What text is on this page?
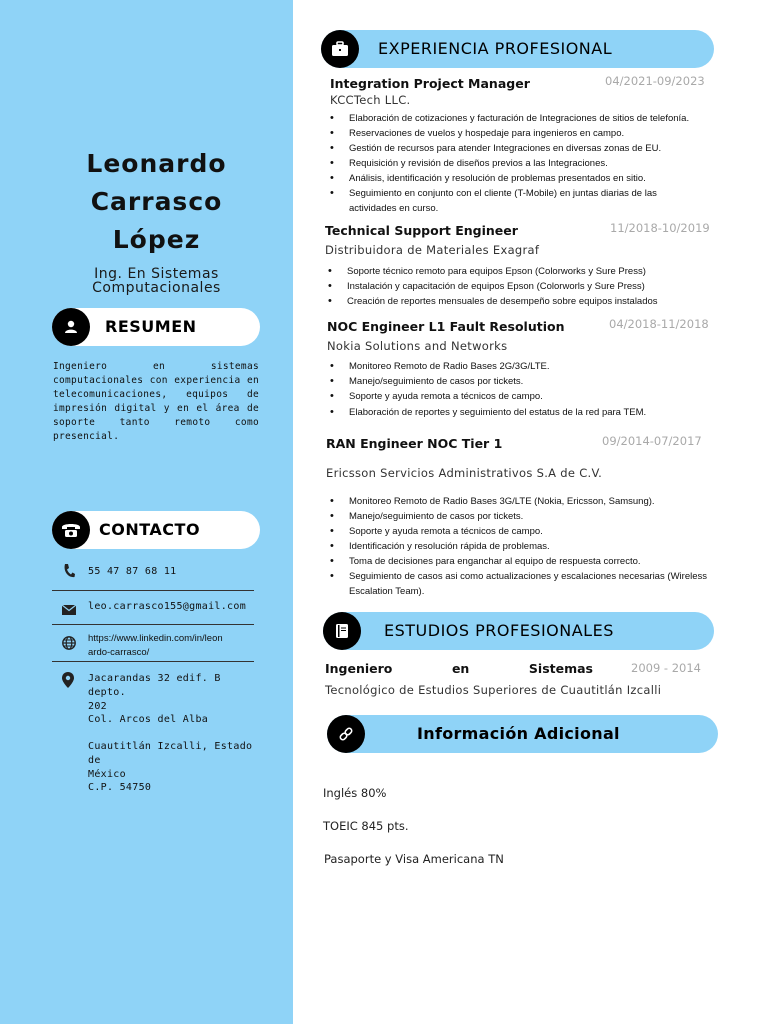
Leonardo
Carrasco
López
Ing. En Sistemas
Computacionales
RESUMEN
Ingeniero en sistemas computacionales con experiencia en telecomunicaciones, equipos de impresión digital y en el área de soporte tanto remoto como presencial.
CONTACTO
55 47 87 68 11
leo.carrasco155@gmail.com
https://www.linkedin.com/in/leon
ardo-carrasco/
Jacarandas 32 edif. B depto.
202
Col. Arcos del Alba
Cuautitlán Izcalli, Estado de
México
C.P. 54750
EXPERIENCIA PROFESIONAL
Integration Project Manager	04/2021-09/2023
KCCTech LLC.
• Elaboración de cotizaciones y facturación de Integraciones de sitios de telefonía.
• Reservaciones de vuelos y hospedaje para ingenieros en campo.
• Gestión de recursos para atender Integraciones en diversas zonas de EU.
• Requisición y revisión de diseños previos a las Integraciones.
• Análisis, identificación y resolución de problemas presentados en sitio.
• Seguimiento en conjunto con el cliente (T-Mobile) en juntas diarias de las actividades en curso.
Technical Support Engineer	11/2018-10/2019
Distribuidora de Materiales Exagraf
• Soporte técnico remoto para equipos Epson (Colorworks y Sure Press)
• Instalación y capacitación de equipos Epson (Colorworls y Sure Press)
• Creación de reportes mensuales de desempeño sobre equipos instalados
NOC Engineer L1 Fault Resolution	04/2018-11/2018
Nokia Solutions and Networks
• Monitoreo Remoto de Radio Bases 2G/3G/LTE.
• Manejo/seguimiento de casos por tickets.
• Soporte y ayuda remota a técnicos de campo.
• Elaboración de reportes y seguimiento del estatus de la red para TEM.
RAN Engineer NOC Tier 1	09/2014-07/2017
Ericsson Servicios Administrativos S.A de C.V.
• Monitoreo Remoto de Radio Bases 3G/LTE (Nokia, Ericsson, Samsung).
• Manejo/seguimiento de casos por tickets.
• Soporte y ayuda remota a técnicos de campo.
• Identificación y resolución rápida de problemas.
• Toma de decisiones para enganchar al equipo de respuesta correcto.
• Seguimiento de casos asi como actualizaciones y escalaciones necesarias (Wireless Escalation Team).
ESTUDIOS PROFESIONALES
Ingeniero	en	Sistemas	2009 - 2014
Tecnológico de Estudios Superiores de Cuautitlán Izcalli
Información Adicional
Inglés 80%
TOEIC 845 pts.
Pasaporte y Visa Americana TN
